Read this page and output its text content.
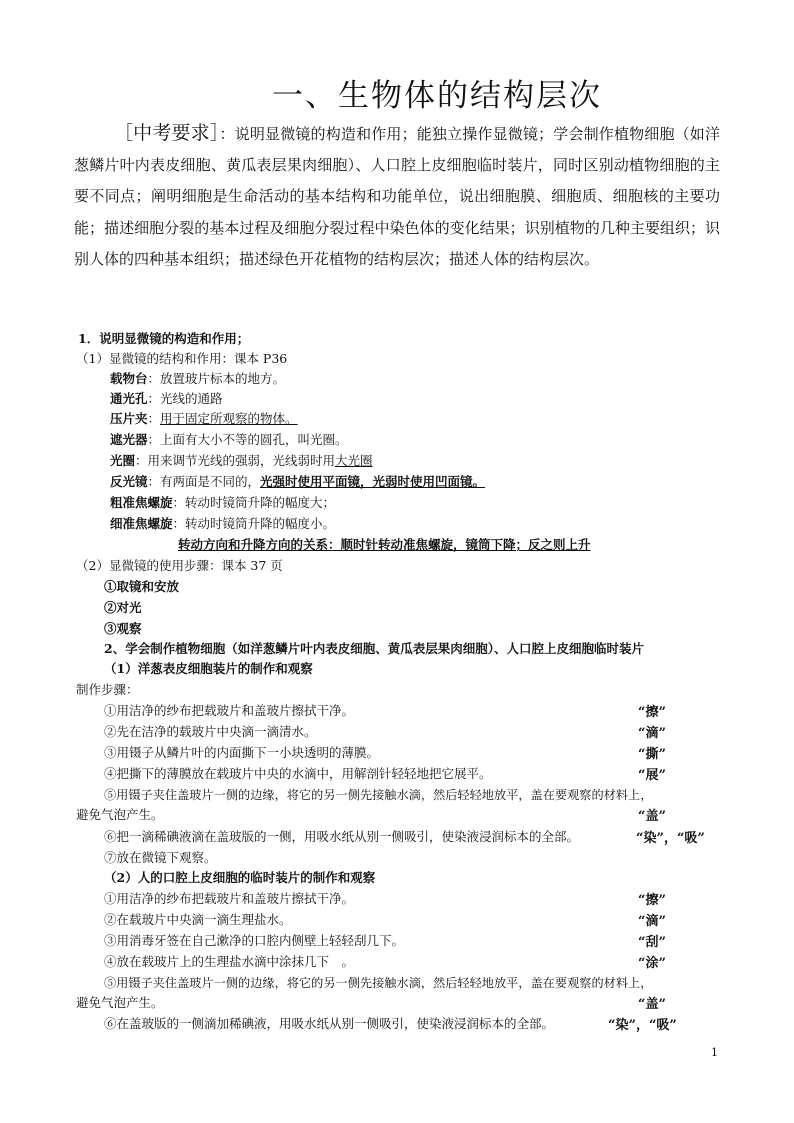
一、生物体的结构层次
［中考要求］：说明显微镜的构造和作用；能独立操作显微镜；学会制作植物细胞（如洋葱鳞片叶内表皮细胞、黄瓜表层果肉细胞）、人口腔上皮细胞临时装片，同时区别动植物细胞的主要不同点；阐明细胞是生命活动的基本结构和功能单位，说出细胞膜、细胞质、细胞核的主要功能；描述细胞分裂的基本过程及细胞分裂过程中染色体的变化结果；识别植物的几种主要组织；识别人体的四种基本组织；描述绿色开花植物的结构层次；描述人体的结构层次。
1．说明显微镜的构造和作用；
（1）显微镜的结构和作用：课本 P36
载物台：放置玻片标本的地方。
通光孔：光线的通路
压片夹：用于固定所观察的物体。
遮光器：上面有大小不等的圆孔，叫光圈。
光圈：用来调节光线的强弱，光线弱时用大光圈
反光镜：有两面是不同的，光强时使用平面镜，光弱时使用凹面镜。
粗准焦螺旋：转动时镜筒升降的幅度大；
细准焦螺旋：转动时镜筒升降的幅度小。
转动方向和升降方向的关系：顺时针转动准焦螺旋，镜筒下降；反之则上升
（2）显微镜的使用步骤：课本 37 页
①取镜和安放
②对光
③观察
2、学会制作植物细胞（如洋葱鳞片叶内表皮细胞、黄瓜表层果肉细胞）、人口腔上皮细胞临时装片
（1）洋葱表皮细胞装片的制作和观察
制作步骤：
①用洁净的纱布把载玻片和盖玻片擦拭干净。	“擦”
②先在洁净的载玻片中央滴一滴清水。	“滴”
③用镊子从鳞片叶的内面撕下一小块透明的薄膜。	“撕”
④把撕下的薄膜放在载玻片中央的水滴中，用解剖针轻轻地把它展平。	“展”
⑤用镊子夹住盖玻片一侧的边缘，将它的另一侧先接触水滴，然后轻轻地放平，盖在要观察的材料上，
避免气泡产生。	“盖”
⑥把一滴稀碘液滴在盖玻版的一侧，用吸水纸从别一侧吸引，使染液浸润标本的全部。	“染”，“吸”
⑦放在微镜下观察。
（2）人的口腔上皮细胞的临时装片的制作和观察
①用洁净的纱布把载玻片和盖玻片擦拭干净。	“擦”
②在载玻片中央滴一滴生理盐水。	“滴”
③用消毒牙签在自己漱净的口腔内侧壁上轻轻刮几下。	“刮”
④放在载玻片上的生理盐水滴中涂抹几下　。	“涂”
⑤用镊子夹住盖玻片一侧的边缘，将它的另一侧先接触水滴，然后轻轻地放平，盖在要观察的材料上，
避免气泡产生。	“盖”
⑥在盖玻版的一侧滴加稀碘液，用吸水纸从别一侧吸引，使染液浸润标本的全部。	“染”，“吸”
1
